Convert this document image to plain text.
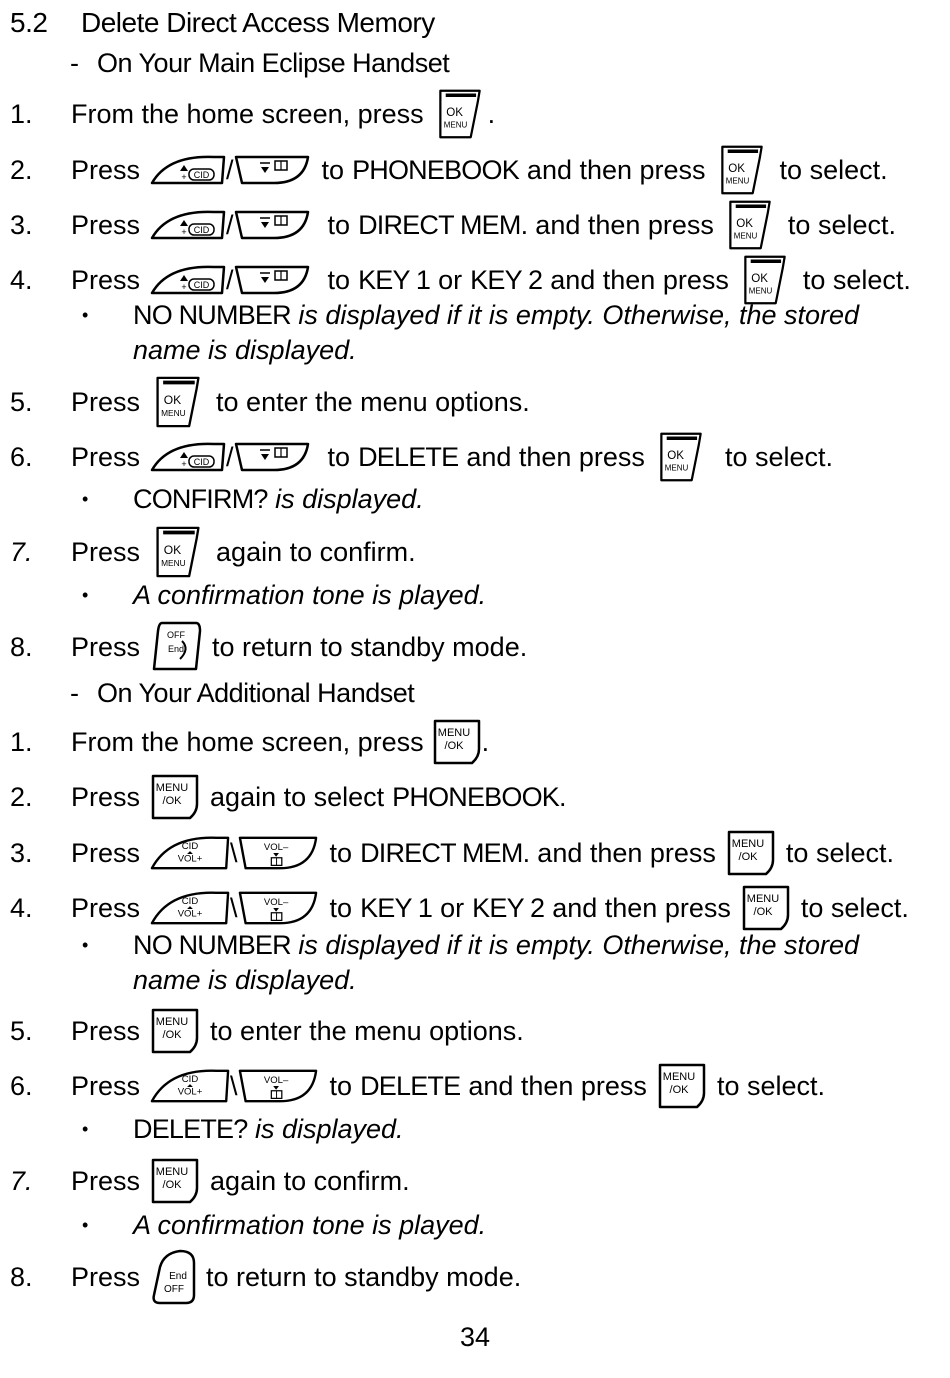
5.2 Delete Direct Access Memory
- On Your Main Eclipse Handset
1. From the home screen, press .
2. Press	/	to PHONEBOOK and then press	to select.
3. Press	/	to DIRECT MEM. and then press	to select.
4. Press	/	to KEY 1 or KEY 2 and then press	to select.
• NO NUMBER is displayed if it is empty. Otherwise, the stored
name is displayed.
5. Press	to enter the menu options.
6. Press	/	to DELETE and then press	to select.
• CONFIRM? is displayed.
7. Press	again to confirm.
• A confirmation tone is played.
8. Press	to return to standby mode.
- On Your Additional Handset
1. From the home screen, press .
2. Press	again to select PHONEBOOK .
3. Press	\	to DIRECT MEM. and then press	to select.
4. Press	\	to KEY 1 or KEY 2 and then press	to select.
• NO NUMBER is displayed if it is empty. Otherwise, the stored
name is displayed.
5. Press	to enter the menu options.
6. Press	\	to DELETE and then press	to select.
• DELETE? is displayed.
7. Press	again to confirm.
• A confirmation tone is played.
8. Press to return to standby mode.
34
